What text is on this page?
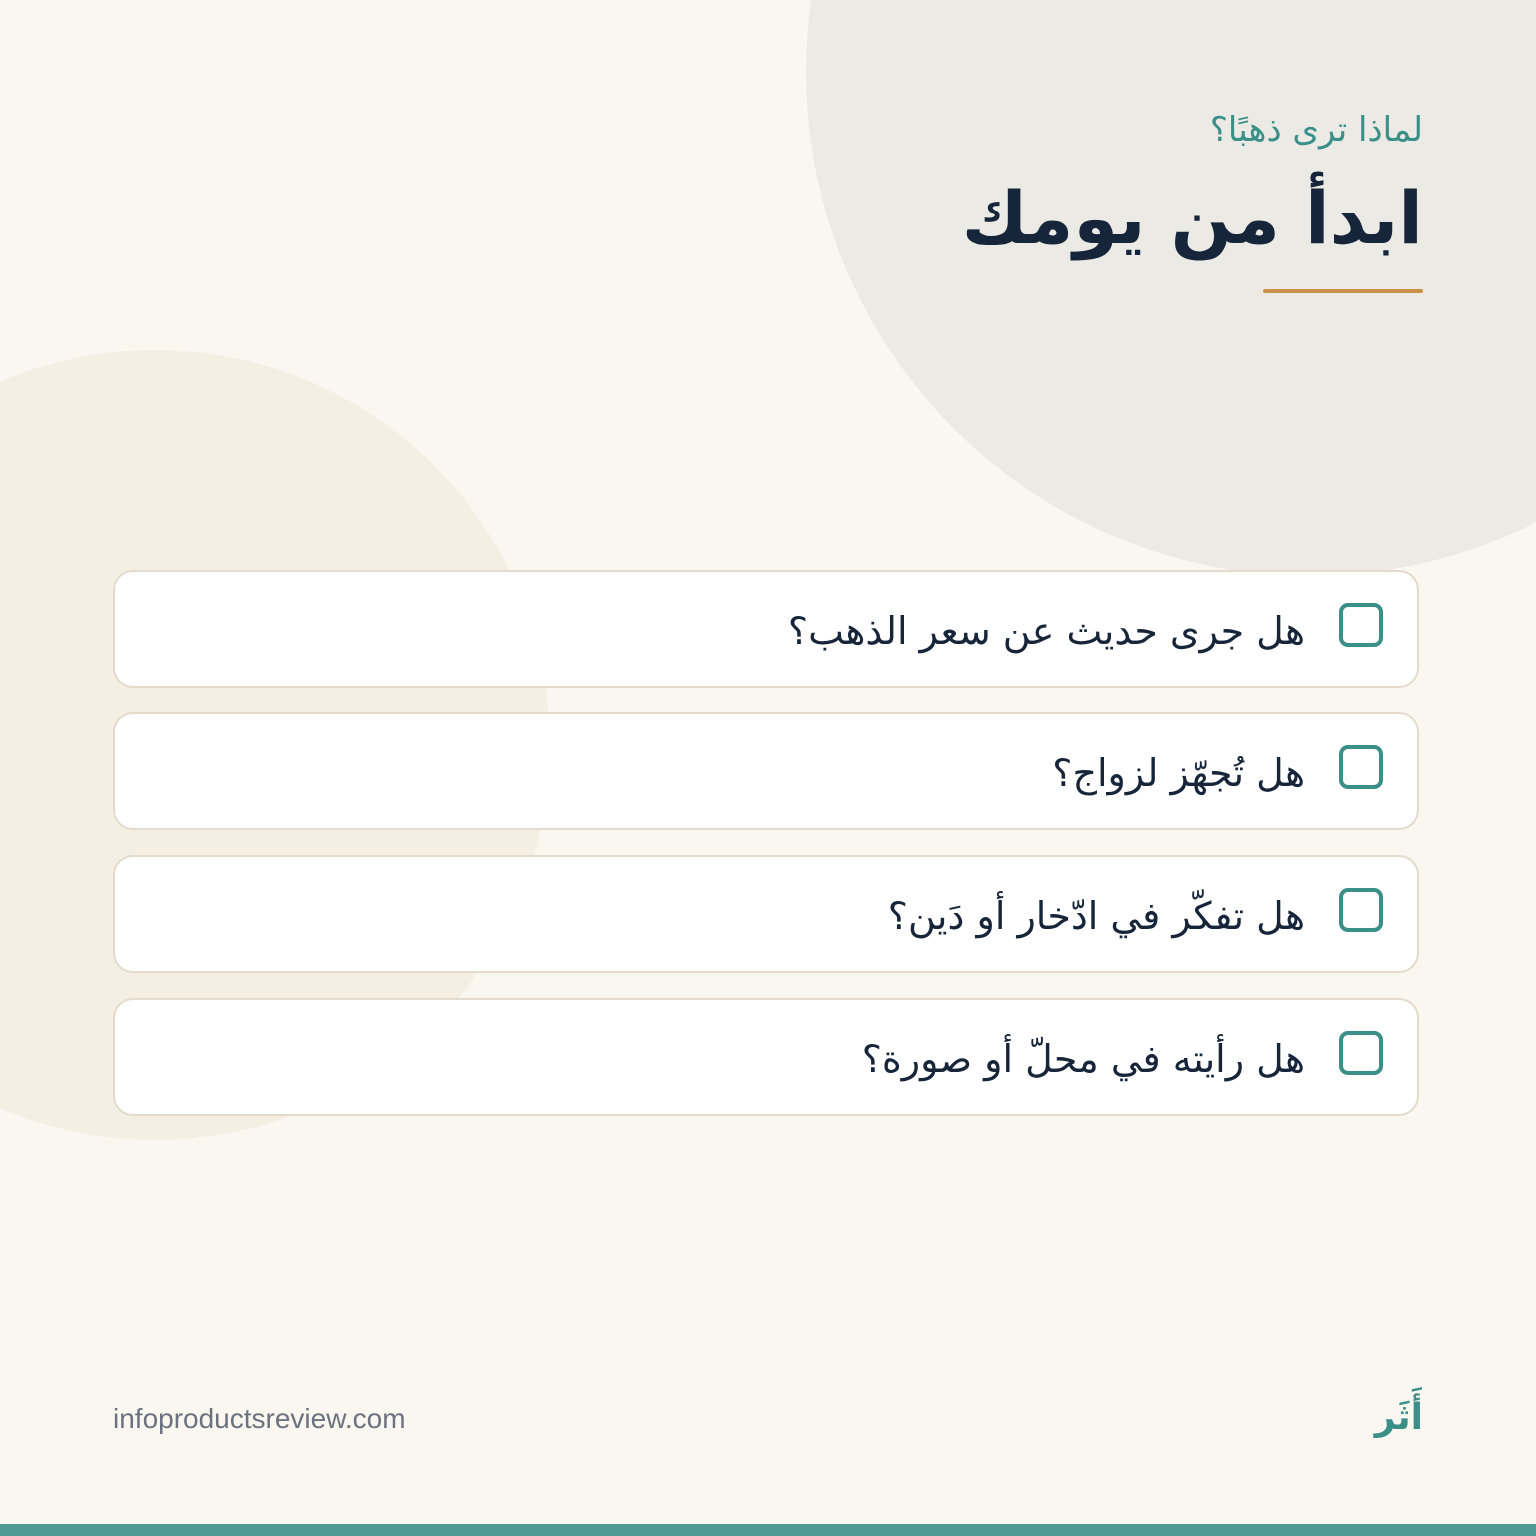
لماذا ترى ذهبًا؟

ابدأ من يومك
هل جرى حديث عن سعر الذهب؟
هل تُجهّز لزواج؟
هل تفكّر في ادّخار أو دَين؟
هل رأيته في محلّ أو صورة؟
infoproductsreview.com	أَثَر
